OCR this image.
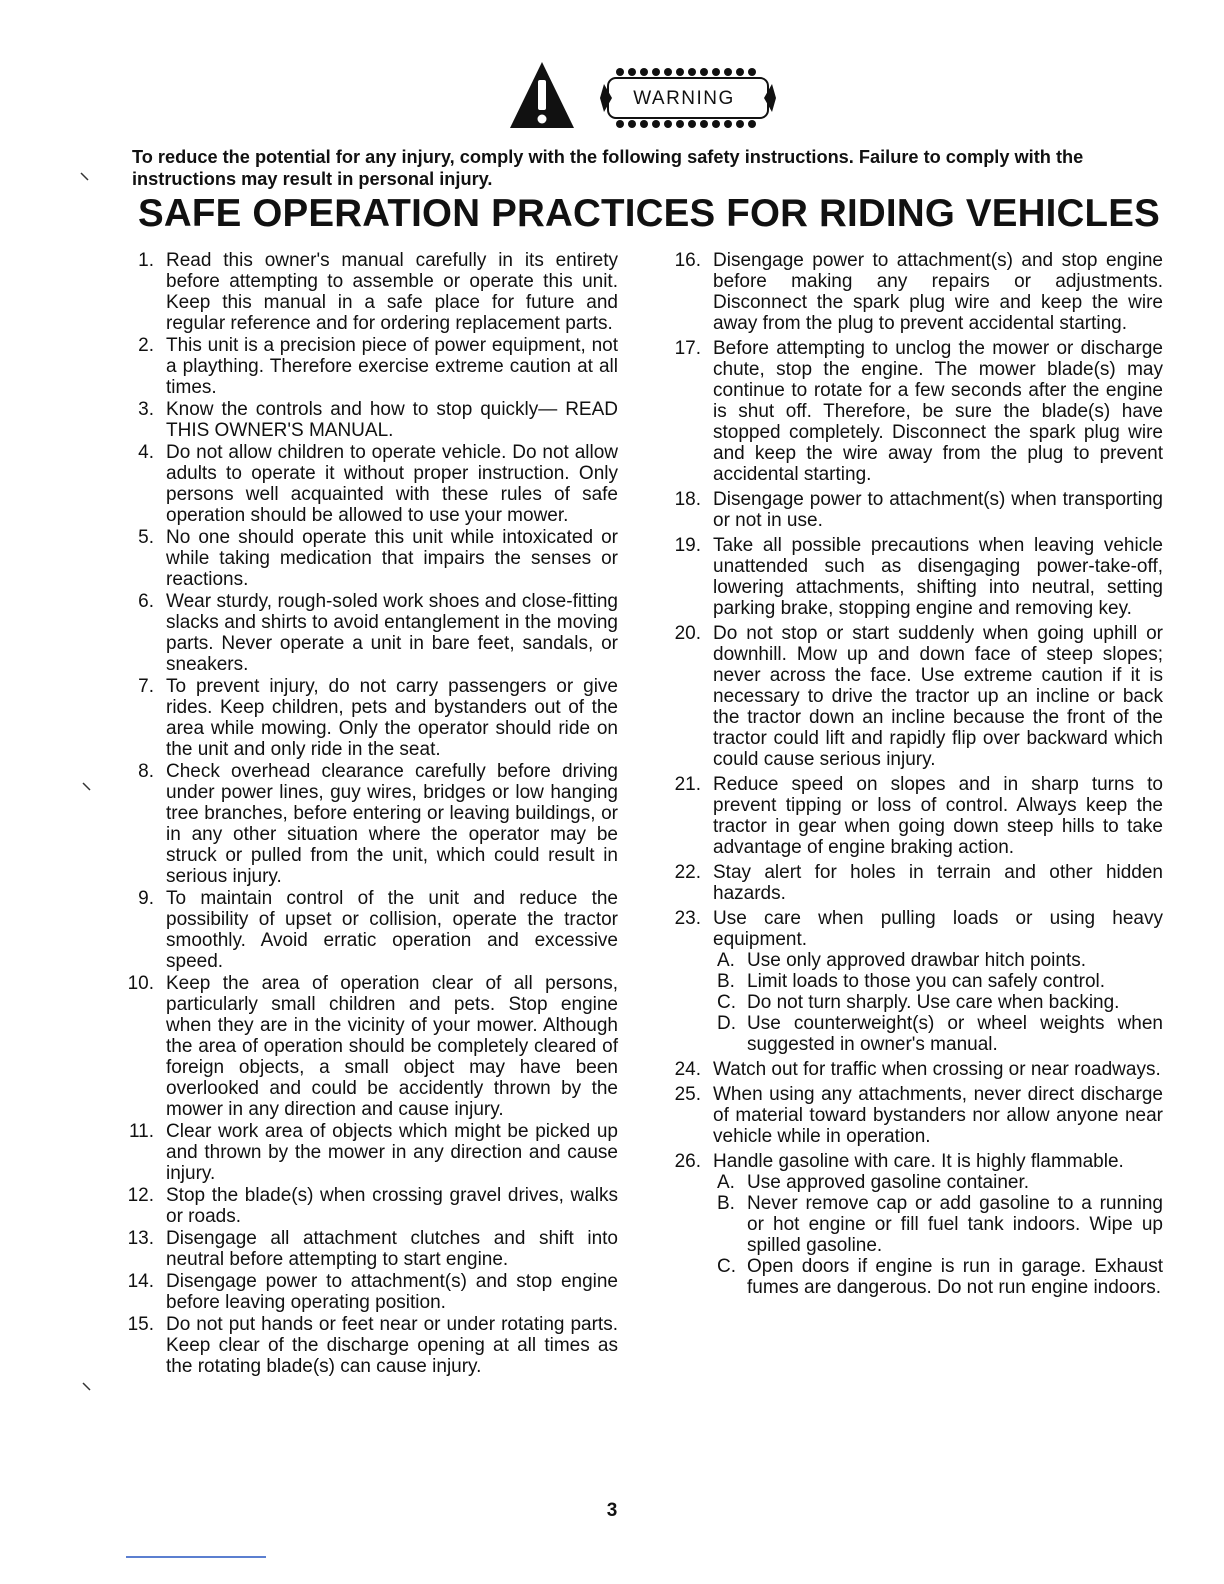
WARNING

To reduce the potential for any injury, comply with the following safety instructions. Failure to comply with the instructions may result in personal injury.

SAFE OPERATION PRACTICES FOR RIDING VEHICLES
1. Read this owner's manual carefully in its entirety before attempting to assemble or operate this unit. Keep this manual in a safe place for future and regular reference and for ordering replacement parts.
2. This unit is a precision piece of power equipment, not a plaything. Therefore exercise extreme caution at all times.
3. Know the controls and how to stop quickly— READ THIS OWNER'S MANUAL.
4. Do not allow children to operate vehicle. Do not allow adults to operate it without proper instruction. Only persons well acquainted with these rules of safe operation should be allowed to use your mower.
5. No one should operate this unit while intoxicated or while taking medication that impairs the senses or reactions.
6. Wear sturdy, rough-soled work shoes and close-fitting slacks and shirts to avoid entanglement in the moving parts. Never operate a unit in bare feet, sandals, or sneakers.
7. To prevent injury, do not carry passengers or give rides. Keep children, pets and bystanders out of the area while mowing. Only the operator should ride on the unit and only ride in the seat.
8. Check overhead clearance carefully before driving under power lines, guy wires, bridges or low hanging tree branches, before entering or leaving buildings, or in any other situation where the operator may be struck or pulled from the unit, which could result in serious injury.
9. To maintain control of the unit and reduce the possibility of upset or collision, operate the tractor smoothly. Avoid erratic operation and excessive speed.
10. Keep the area of operation clear of all persons, particularly small children and pets. Stop engine when they are in the vicinity of your mower. Although the area of operation should be completely cleared of foreign objects, a small object may have been overlooked and could be accidently thrown by the mower in any direction and cause injury.
11. Clear work area of objects which might be picked up and thrown by the mower in any direction and cause injury.
12. Stop the blade(s) when crossing gravel drives, walks or roads.
13. Disengage all attachment clutches and shift into neutral before attempting to start engine.
14. Disengage power to attachment(s) and stop engine before leaving operating position.
15. Do not put hands or feet near or under rotating parts. Keep clear of the discharge opening at all times as the rotating blade(s) can cause injury.
16. Disengage power to attachment(s) and stop engine before making any repairs or adjustments. Disconnect the spark plug wire and keep the wire away from the plug to prevent accidental starting.
17. Before attempting to unclog the mower or discharge chute, stop the engine. The mower blade(s) may continue to rotate for a few seconds after the engine is shut off. Therefore, be sure the blade(s) have stopped completely. Disconnect the spark plug wire and keep the wire away from the plug to prevent accidental starting.
18. Disengage power to attachment(s) when transporting or not in use.
19. Take all possible precautions when leaving vehicle unattended such as disengaging power-take-off, lowering attachments, shifting into neutral, setting parking brake, stopping engine and removing key.
20. Do not stop or start suddenly when going uphill or downhill. Mow up and down face of steep slopes; never across the face. Use extreme caution if it is necessary to drive the tractor up an incline or back the tractor down an incline because the front of the tractor could lift and rapidly flip over backward which could cause serious injury.
21. Reduce speed on slopes and in sharp turns to prevent tipping or loss of control. Always keep the tractor in gear when going down steep hills to take advantage of engine braking action.
22. Stay alert for holes in terrain and other hidden hazards.
23. Use care when pulling loads or using heavy equipment.
A. Use only approved drawbar hitch points.
B. Limit loads to those you can safely control.
C. Do not turn sharply. Use care when backing.
D. Use counterweight(s) or wheel weights when suggested in owner's manual.
24. Watch out for traffic when crossing or near roadways.
25. When using any attachments, never direct discharge of material toward bystanders nor allow anyone near vehicle while in operation.
26. Handle gasoline with care. It is highly flammable.
A. Use approved gasoline container.
B. Never remove cap or add gasoline to a running or hot engine or fill fuel tank indoors. Wipe up spilled gasoline.
C. Open doors if engine is run in garage. Exhaust fumes are dangerous. Do not run engine indoors.
3
